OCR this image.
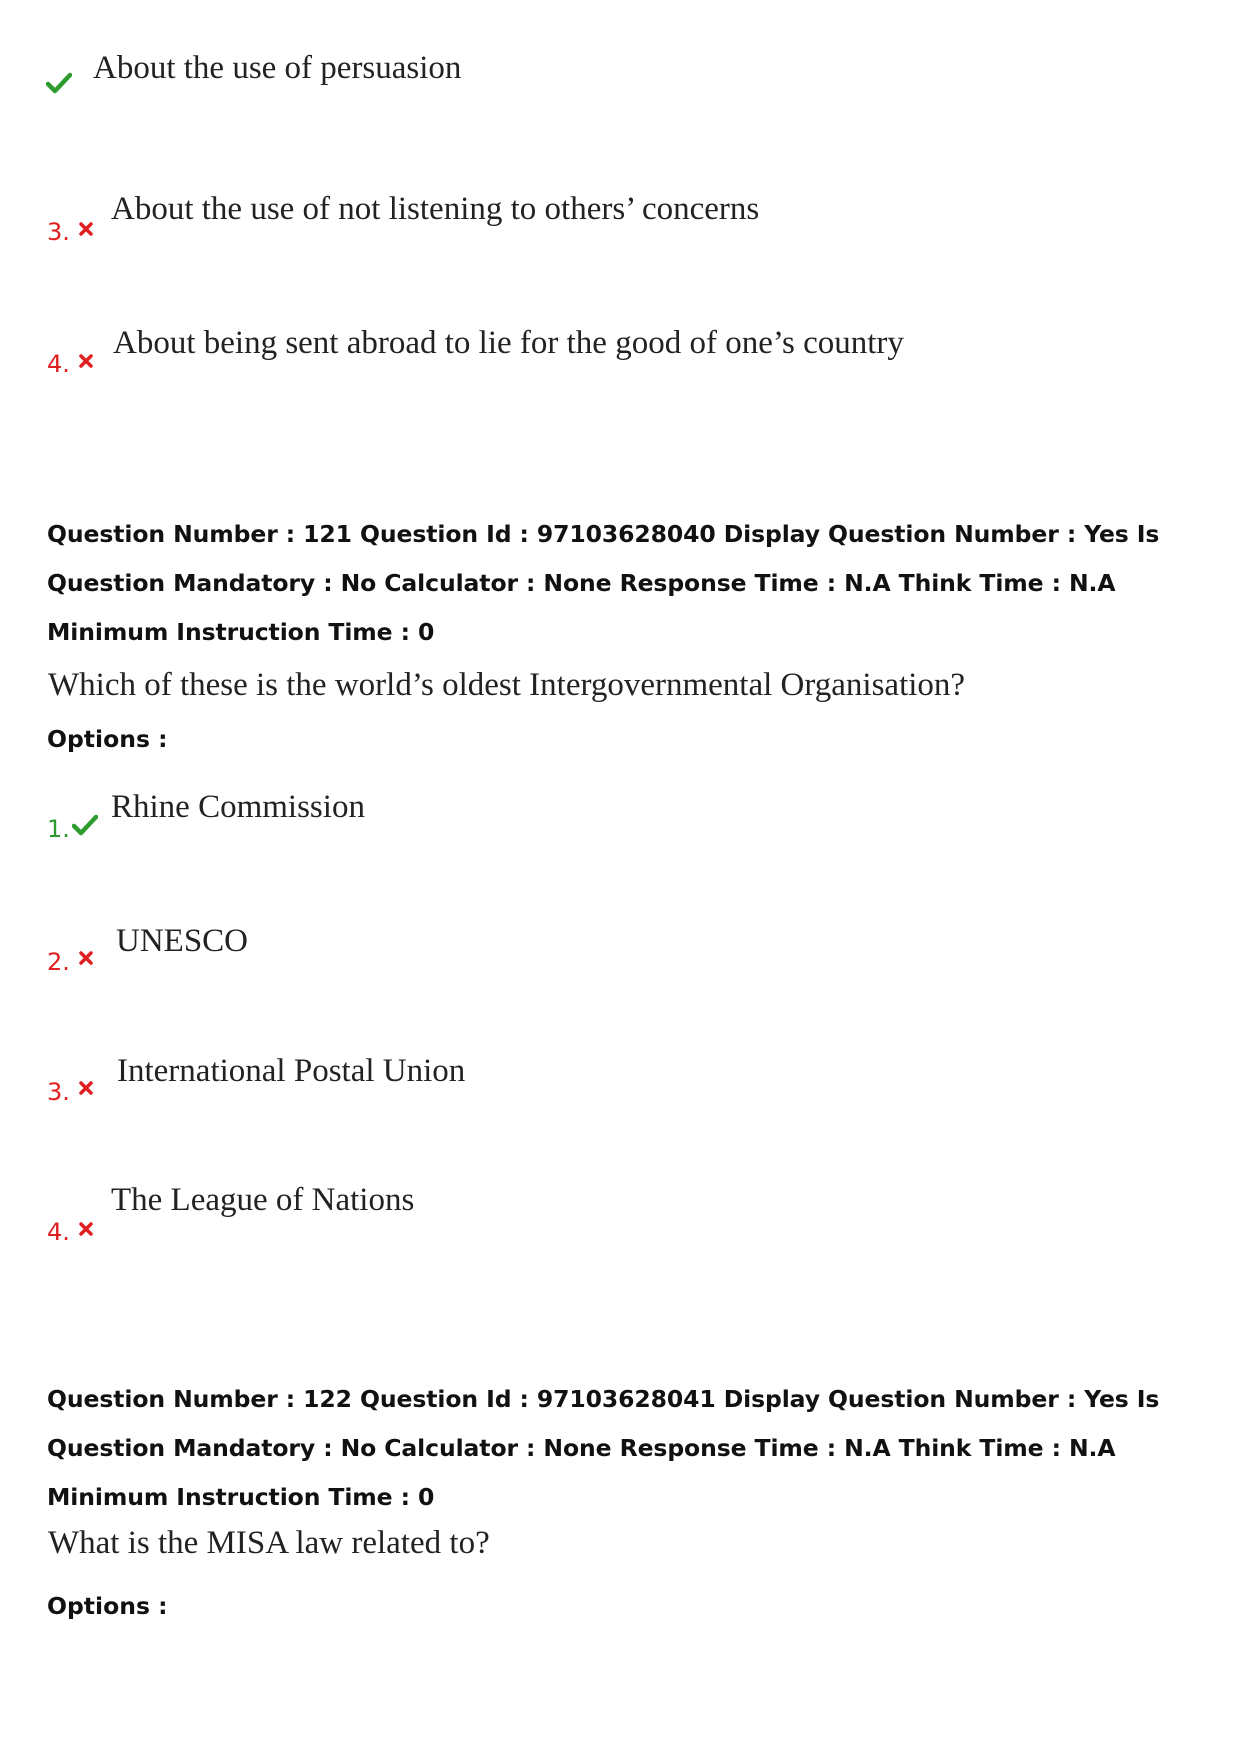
About the use of persuasion
3.
About the use of not listening to others’ concerns
4.
About being sent abroad to lie for the good of one’s country
Question Number : 121 Question Id : 97103628040 Display Question Number : Yes Is Question Mandatory : No Calculator : None Response Time : N.A Think Time : N.A Minimum Instruction Time : 0
Which of these is the world’s oldest Intergovernmental Organisation?
Options :
1.
Rhine Commission
2.
UNESCO
3.
International Postal Union
4.
The League of Nations
Question Number : 122 Question Id : 97103628041 Display Question Number : Yes Is Question Mandatory : No Calculator : None Response Time : N.A Think Time : N.A Minimum Instruction Time : 0
What is the MISA law related to?
Options :
